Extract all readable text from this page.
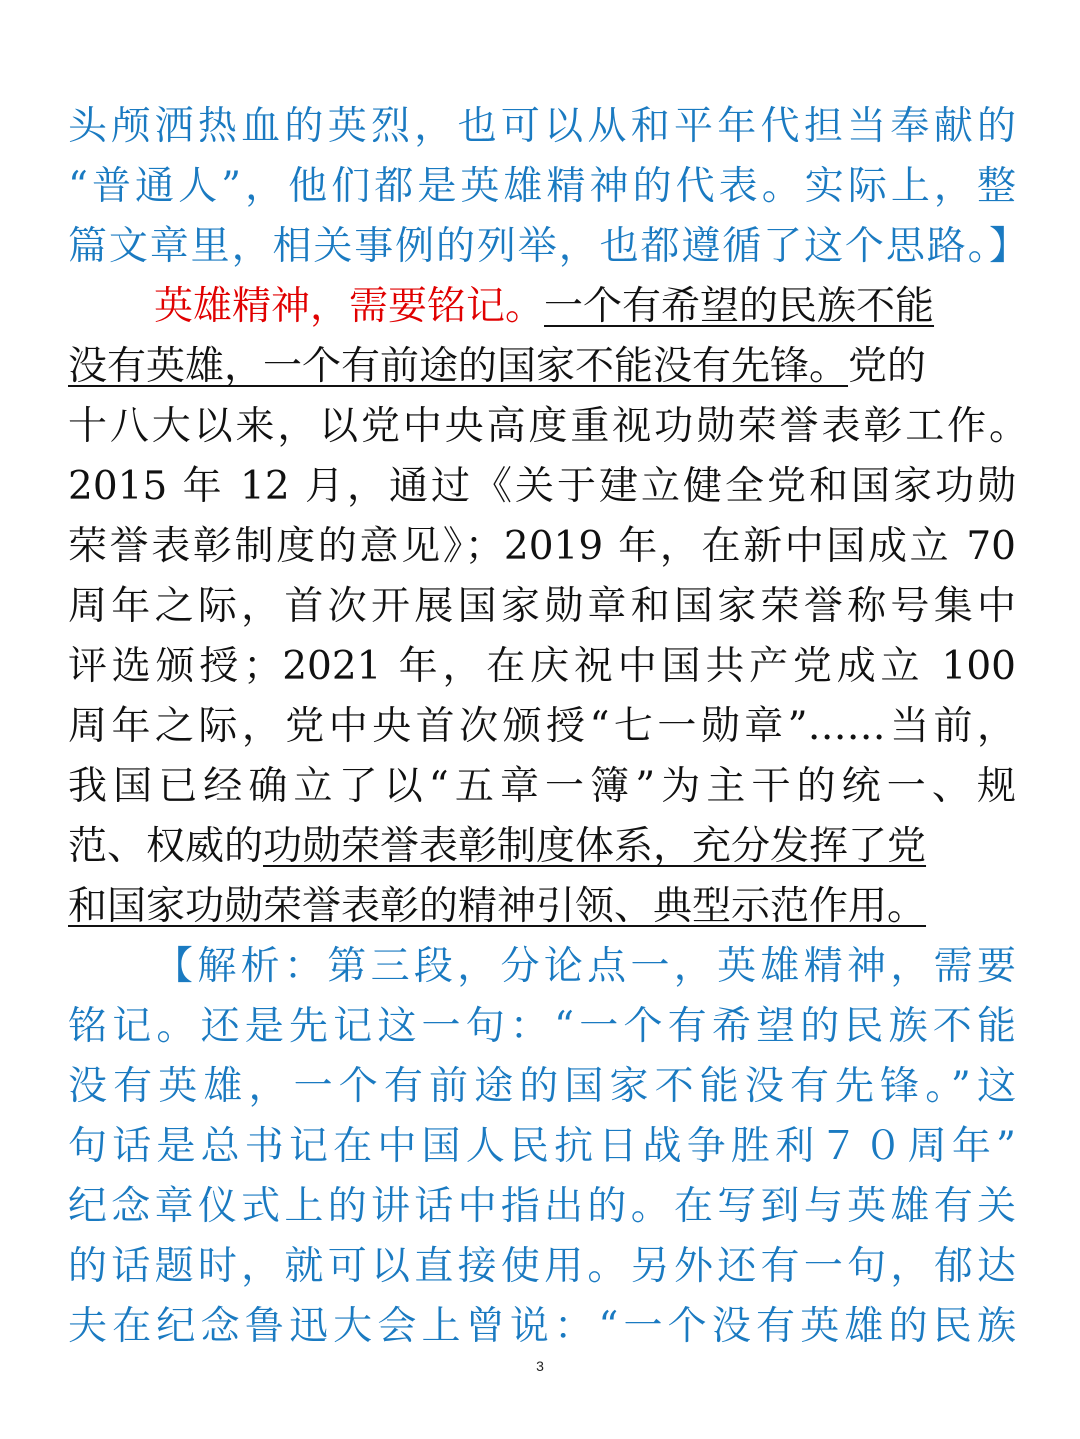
头颅洒热血的英烈，也可以从和平年代担当奉献的
“普通人”，他们都是英雄精神的代表。实际上，整
篇文章里，相关事例的列举，也都遵循了这个思路。】
英雄精神，需要铭记。一个有希望的民族不能
没有英雄，一个有前途的国家不能没有先锋。党的
十八大以来，以党中央高度重视功勋荣誉表彰工作。
2015 年 12 月，通过《关于建立健全党和国家功勋
荣誉表彰制度的意见》；2019 年，在新中国成立 70
周年之际，首次开展国家勋章和国家荣誉称号集中
评选颁授；2021 年，在庆祝中国共产党成立 100
周年之际，党中央首次颁授“七一勋章”……当前，
我国已经确立了以“五章一簿”为主干的统一、规
范、权威的功勋荣誉表彰制度体系，充分发挥了党
和国家功勋荣誉表彰的精神引领、典型示范作用。
【解析：第三段，分论点一，英雄精神，需要
铭记。还是先记这一句：“一个有希望的民族不能
没有英雄，一个有前途的国家不能没有先锋。”这
句话是总书记在中国人民抗日战争胜利７０周年”
纪念章仪式上的讲话中指出的。在写到与英雄有关
的话题时，就可以直接使用。另外还有一句，郁达
夫在纪念鲁迅大会上曾说：“一个没有英雄的民族
3
